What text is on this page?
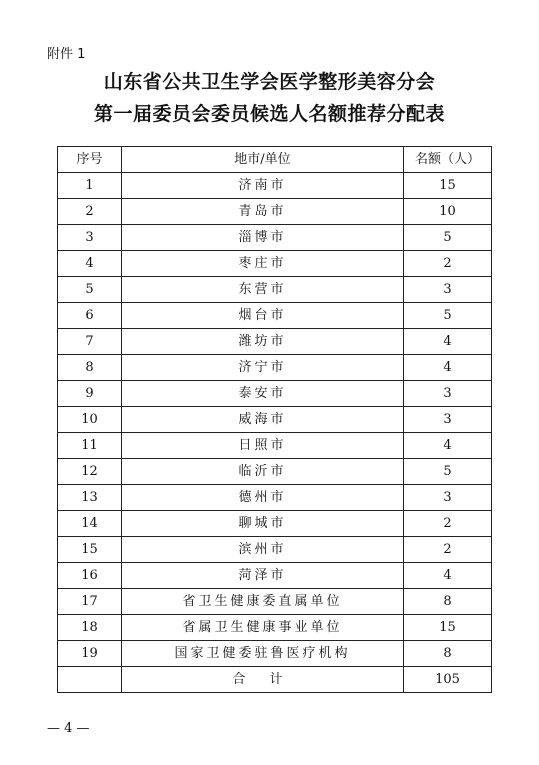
附件 1
山东省公共卫生学会医学整形美容分会
第一届委员会委员候选人名额推荐分配表
序号	地市/单位	名额（人）
1	济南市	15
2	青岛市	10
3	淄博市	5
4	枣庄市	2
5	东营市	3
6	烟台市	5
7	潍坊市	4
8	济宁市	4
9	泰安市	3
10	威海市	3
11	日照市	4
12	临沂市	5
13	德州市	3
14	聊城市	2
15	滨州市	2
16	菏泽市	4
17	省卫生健康委直属单位	8
18	省属卫生健康事业单位	15
19	国家卫健委驻鲁医疗机构	8
	合 计	105
— 4 —
